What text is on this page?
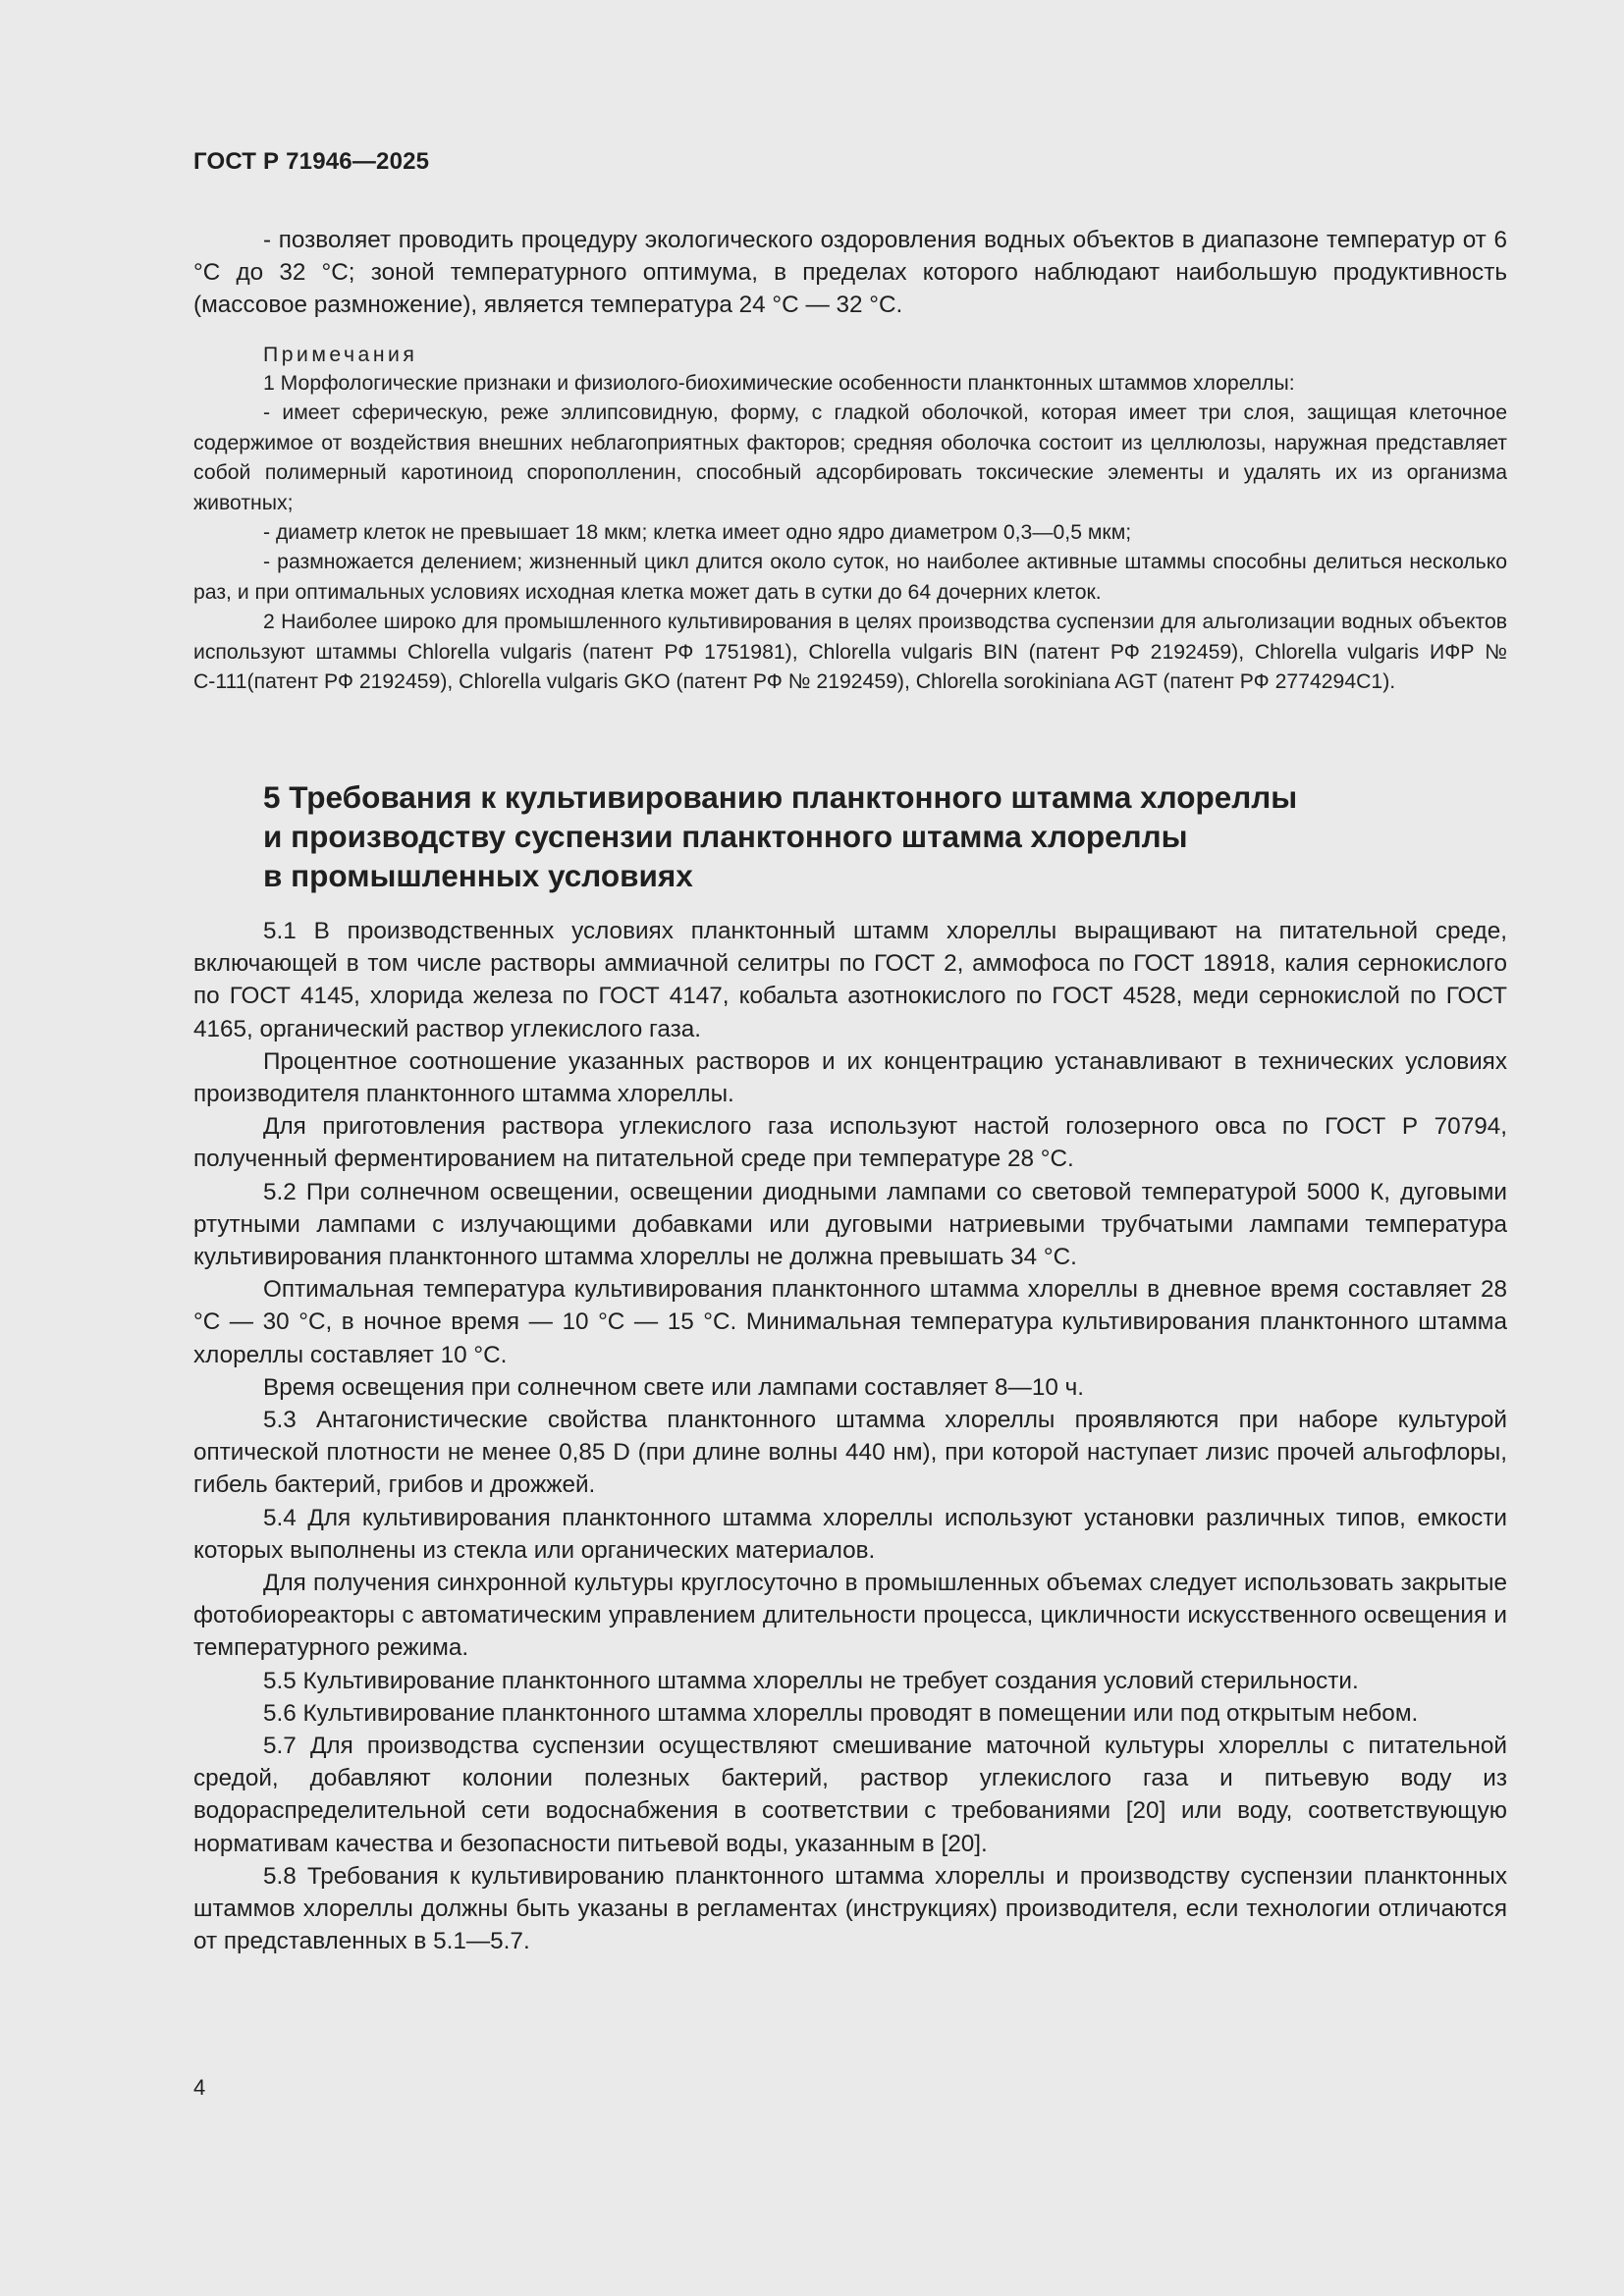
ГОСТ Р 71946—2025

- позволяет проводить процедуру экологического оздоровления водных объектов в диапазоне температур от 6 °С до 32 °С; зоной температурного оптимума, в пределах которого наблюдают наибольшую продуктивность (массовое размножение), является температура 24 °С — 32 °С.

Примечания

1 Морфологические признаки и физиолого-биохимические особенности планктонных штаммов хлореллы:

- имеет сферическую, реже эллипсовидную, форму, с гладкой оболочкой, которая имеет три слоя, защищая клеточное содержимое от воздействия внешних неблагоприятных факторов; средняя оболочка состоит из целлюлозы, наружная представляет собой полимерный каротиноид спорополленин, способный адсорбировать токсические элементы и удалять их из организма животных;

- диаметр клеток не превышает 18 мкм; клетка имеет одно ядро диаметром 0,3—0,5 мкм;

- размножается делением; жизненный цикл длится около суток, но наиболее активные штаммы способны делиться несколько раз, и при оптимальных условиях исходная клетка может дать в сутки до 64 дочерних клеток.

2 Наиболее широко для промышленного культивирования в целях производства суспензии для альголизации водных объектов используют штаммы Chlorella vulgaris (патент РФ 1751981), Chlorella vulgaris BIN (патент РФ 2192459), Chlorella vulgaris ИФР № С-111(патент РФ 2192459), Chlorella vulgaris GKO (патент РФ № 2192459), Chlorella sorokiniana AGT (патент РФ 2774294C1).

5 Требования к культивированию планктонного штамма хлореллы
и производству суспензии планктонного штамма хлореллы
в промышленных условиях

5.1 В производственных условиях планктонный штамм хлореллы выращивают на питательной среде, включающей в том числе растворы аммиачной селитры по ГОСТ 2, аммофоса по ГОСТ 18918, калия сернокислого по ГОСТ 4145, хлорида железа по ГОСТ 4147, кобальта азотнокислого по ГОСТ 4528, меди сернокислой по ГОСТ 4165, органический раствор углекислого газа.

Процентное соотношение указанных растворов и их концентрацию устанавливают в технических условиях производителя планктонного штамма хлореллы.

Для приготовления раствора углекислого газа используют настой голозерного овса по ГОСТ Р 70794, полученный ферментированием на питательной среде при температуре 28 °С.

5.2 При солнечном освещении, освещении диодными лампами со световой температурой 5000 К, дуговыми ртутными лампами с излучающими добавками или дуговыми натриевыми трубчатыми лампами температура культивирования планктонного штамма хлореллы не должна превышать 34 °С.

Оптимальная температура культивирования планктонного штамма хлореллы в дневное время составляет 28 °С — 30 °С, в ночное время — 10 °С — 15 °С. Минимальная температура культивирования планктонного штамма хлореллы составляет 10 °С.

Время освещения при солнечном свете или лампами составляет 8—10 ч.

5.3 Антагонистические свойства планктонного штамма хлореллы проявляются при наборе культурой оптической плотности не менее 0,85 D (при длине волны 440 нм), при которой наступает лизис прочей альгофлоры, гибель бактерий, грибов и дрожжей.

5.4 Для культивирования планктонного штамма хлореллы используют установки различных типов, емкости которых выполнены из стекла или органических материалов.

Для получения синхронной культуры круглосуточно в промышленных объемах следует использовать закрытые фотобиореакторы с автоматическим управлением длительности процесса, цикличности искусственного освещения и температурного режима.

5.5 Культивирование планктонного штамма хлореллы не требует создания условий стерильности.

5.6 Культивирование планктонного штамма хлореллы проводят в помещении или под открытым небом.

5.7 Для производства суспензии осуществляют смешивание маточной культуры хлореллы с питательной средой, добавляют колонии полезных бактерий, раствор углекислого газа и питьевую воду из водораспределительной сети водоснабжения в соответствии с требованиями [20] или воду, соответствующую нормативам качества и безопасности питьевой воды, указанным в [20].

5.8 Требования к культивированию планктонного штамма хлореллы и производству суспензии планктонных штаммов хлореллы должны быть указаны в регламентах (инструкциях) производителя, если технологии отличаются от представленных в 5.1—5.7.

4
